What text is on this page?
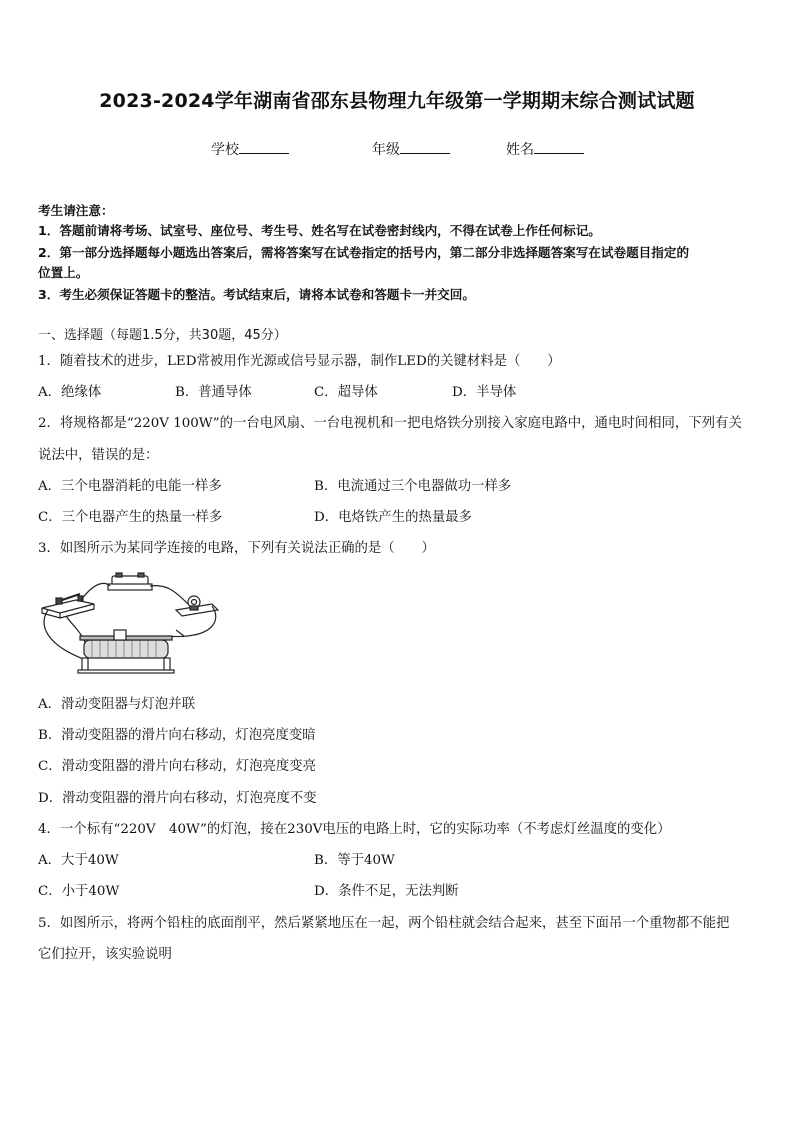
2023-2024学年湖南省邵东县物理九年级第一学期期末综合测试试题
学校	年级	姓名
考生请注意：
1．答题前请将考场、试室号、座位号、考生号、姓名写在试卷密封线内，不得在试卷上作任何标记。
2．第一部分选择题每小题选出答案后，需将答案写在试卷指定的括号内，第二部分非选择题答案写在试卷题目指定的
位置上。
3．考生必须保证答题卡的整洁。考试结束后，请将本试卷和答题卡一并交回。
一、选择题（每题1.5分，共30题，45分）
1．随着技术的进步，LED常被用作光源或信号显示器，制作LED的关键材料是（　　）
A．绝缘体	B．普通导体	C．超导体	D．半导体
2．将规格都是“220V 100W”的一台电风扇、一台电视机和一把电烙铁分别接入家庭电路中，通电时间相同，下列有关
说法中，错误的是：
A．三个电器消耗的电能一样多	B．电流通过三个电器做功一样多
C．三个电器产生的热量一样多	D．电烙铁产生的热量最多
3．如图所示为某同学连接的电路，下列有关说法正确的是（　　）
A．滑动变阻器与灯泡并联
B．滑动变阻器的滑片向右移动，灯泡亮度变暗
C．滑动变阻器的滑片向右移动，灯泡亮度变亮
D．滑动变阻器的滑片向右移动，灯泡亮度不变
4．一个标有“220V　40W”的灯泡，接在230V电压的电路上时，它的实际功率（不考虑灯丝温度的变化）
A．大于40W	B．等于40W
C．小于40W	D．条件不足，无法判断
5．如图所示，将两个铅柱的底面削平，然后紧紧地压在一起，两个铅柱就会结合起来，甚至下面吊一个重物都不能把
它们拉开，该实验说明
